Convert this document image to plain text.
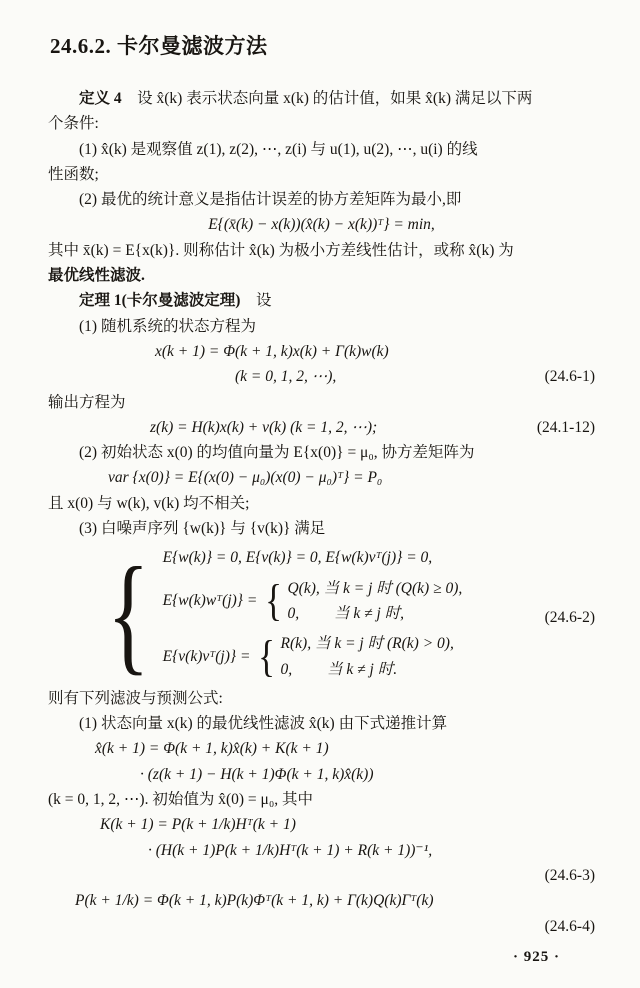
24.6.2. 卡尔曼滤波方法
定义 4　设 x̂(k) 表示状态向量 x(k) 的估计值，如果 x̂(k) 满足以下两
个条件:
(1) x̂(k) 是观察值 z(1), z(2), ⋯, z(i) 与 u(1), u(2), ⋯, u(i) 的线
性函数;
(2) 最优的统计意义是指估计误差的协方差矩阵为最小,即
E{(x̄(k) − x(k))(x̂(k) − x(k))ᵀ} = min,
其中 x̄(k) = E{x(k)}. 则称估计 x̂(k) 为极小方差线性估计，或称 x̂(k) 为
最优线性滤波.
定理 1(卡尔曼滤波定理)　设
(1) 随机系统的状态方程为
x(k + 1) = Φ(k + 1, k)x(k) + Γ(k)w(k)
(k = 0, 1, 2, ⋯),	(24.6-1)
输出方程为
z(k) = H(k)x(k) + v(k) (k = 1, 2, ⋯);	(24.1-12)
(2) 初始状态 x(0) 的均值向量为 E{x(0)} = μ₀, 协方差矩阵为
var {x(0)} = E{(x(0) − μ₀)(x(0) − μ₀)ᵀ} = P₀
且 x(0) 与 w(k), v(k) 均不相关;
(3) 白噪声序列 {w(k)} 与 {v(k)} 满足
{ E{w(k)} = 0, E{v(k)} = 0, E{w(k)vᵀ(j)} = 0,
E{w(k)wᵀ(j)} = { Q(k), 当 k = j 时 (Q(k) ≥ 0),
0,　　 当 k ≠ j 时,
E{v(k)vᵀ(j)} = { R(k), 当 k = j 时 (R(k) > 0),
0,　　 当 k ≠ j 时.
(24.6-2)
则有下列滤波与预测公式:
(1) 状态向量 x(k) 的最优线性滤波 x̂(k) 由下式递推计算
x̂(k + 1) = Φ(k + 1, k)x̂(k) + K(k + 1)
· (z(k + 1) − H(k + 1)Φ(k + 1, k)x̂(k))
(k = 0, 1, 2, ⋯). 初始值为 x̂(0) = μ₀, 其中
K(k + 1) = P(k + 1/k)Hᵀ(k + 1)
· (H(k + 1)P(k + 1/k)Hᵀ(k + 1) + R(k + 1))⁻¹,
(24.6-3)
P(k + 1/k) = Φ(k + 1, k)P(k)Φᵀ(k + 1, k) + Γ(k)Q(k)Γᵀ(k)
(24.6-4)
· 925 ·
